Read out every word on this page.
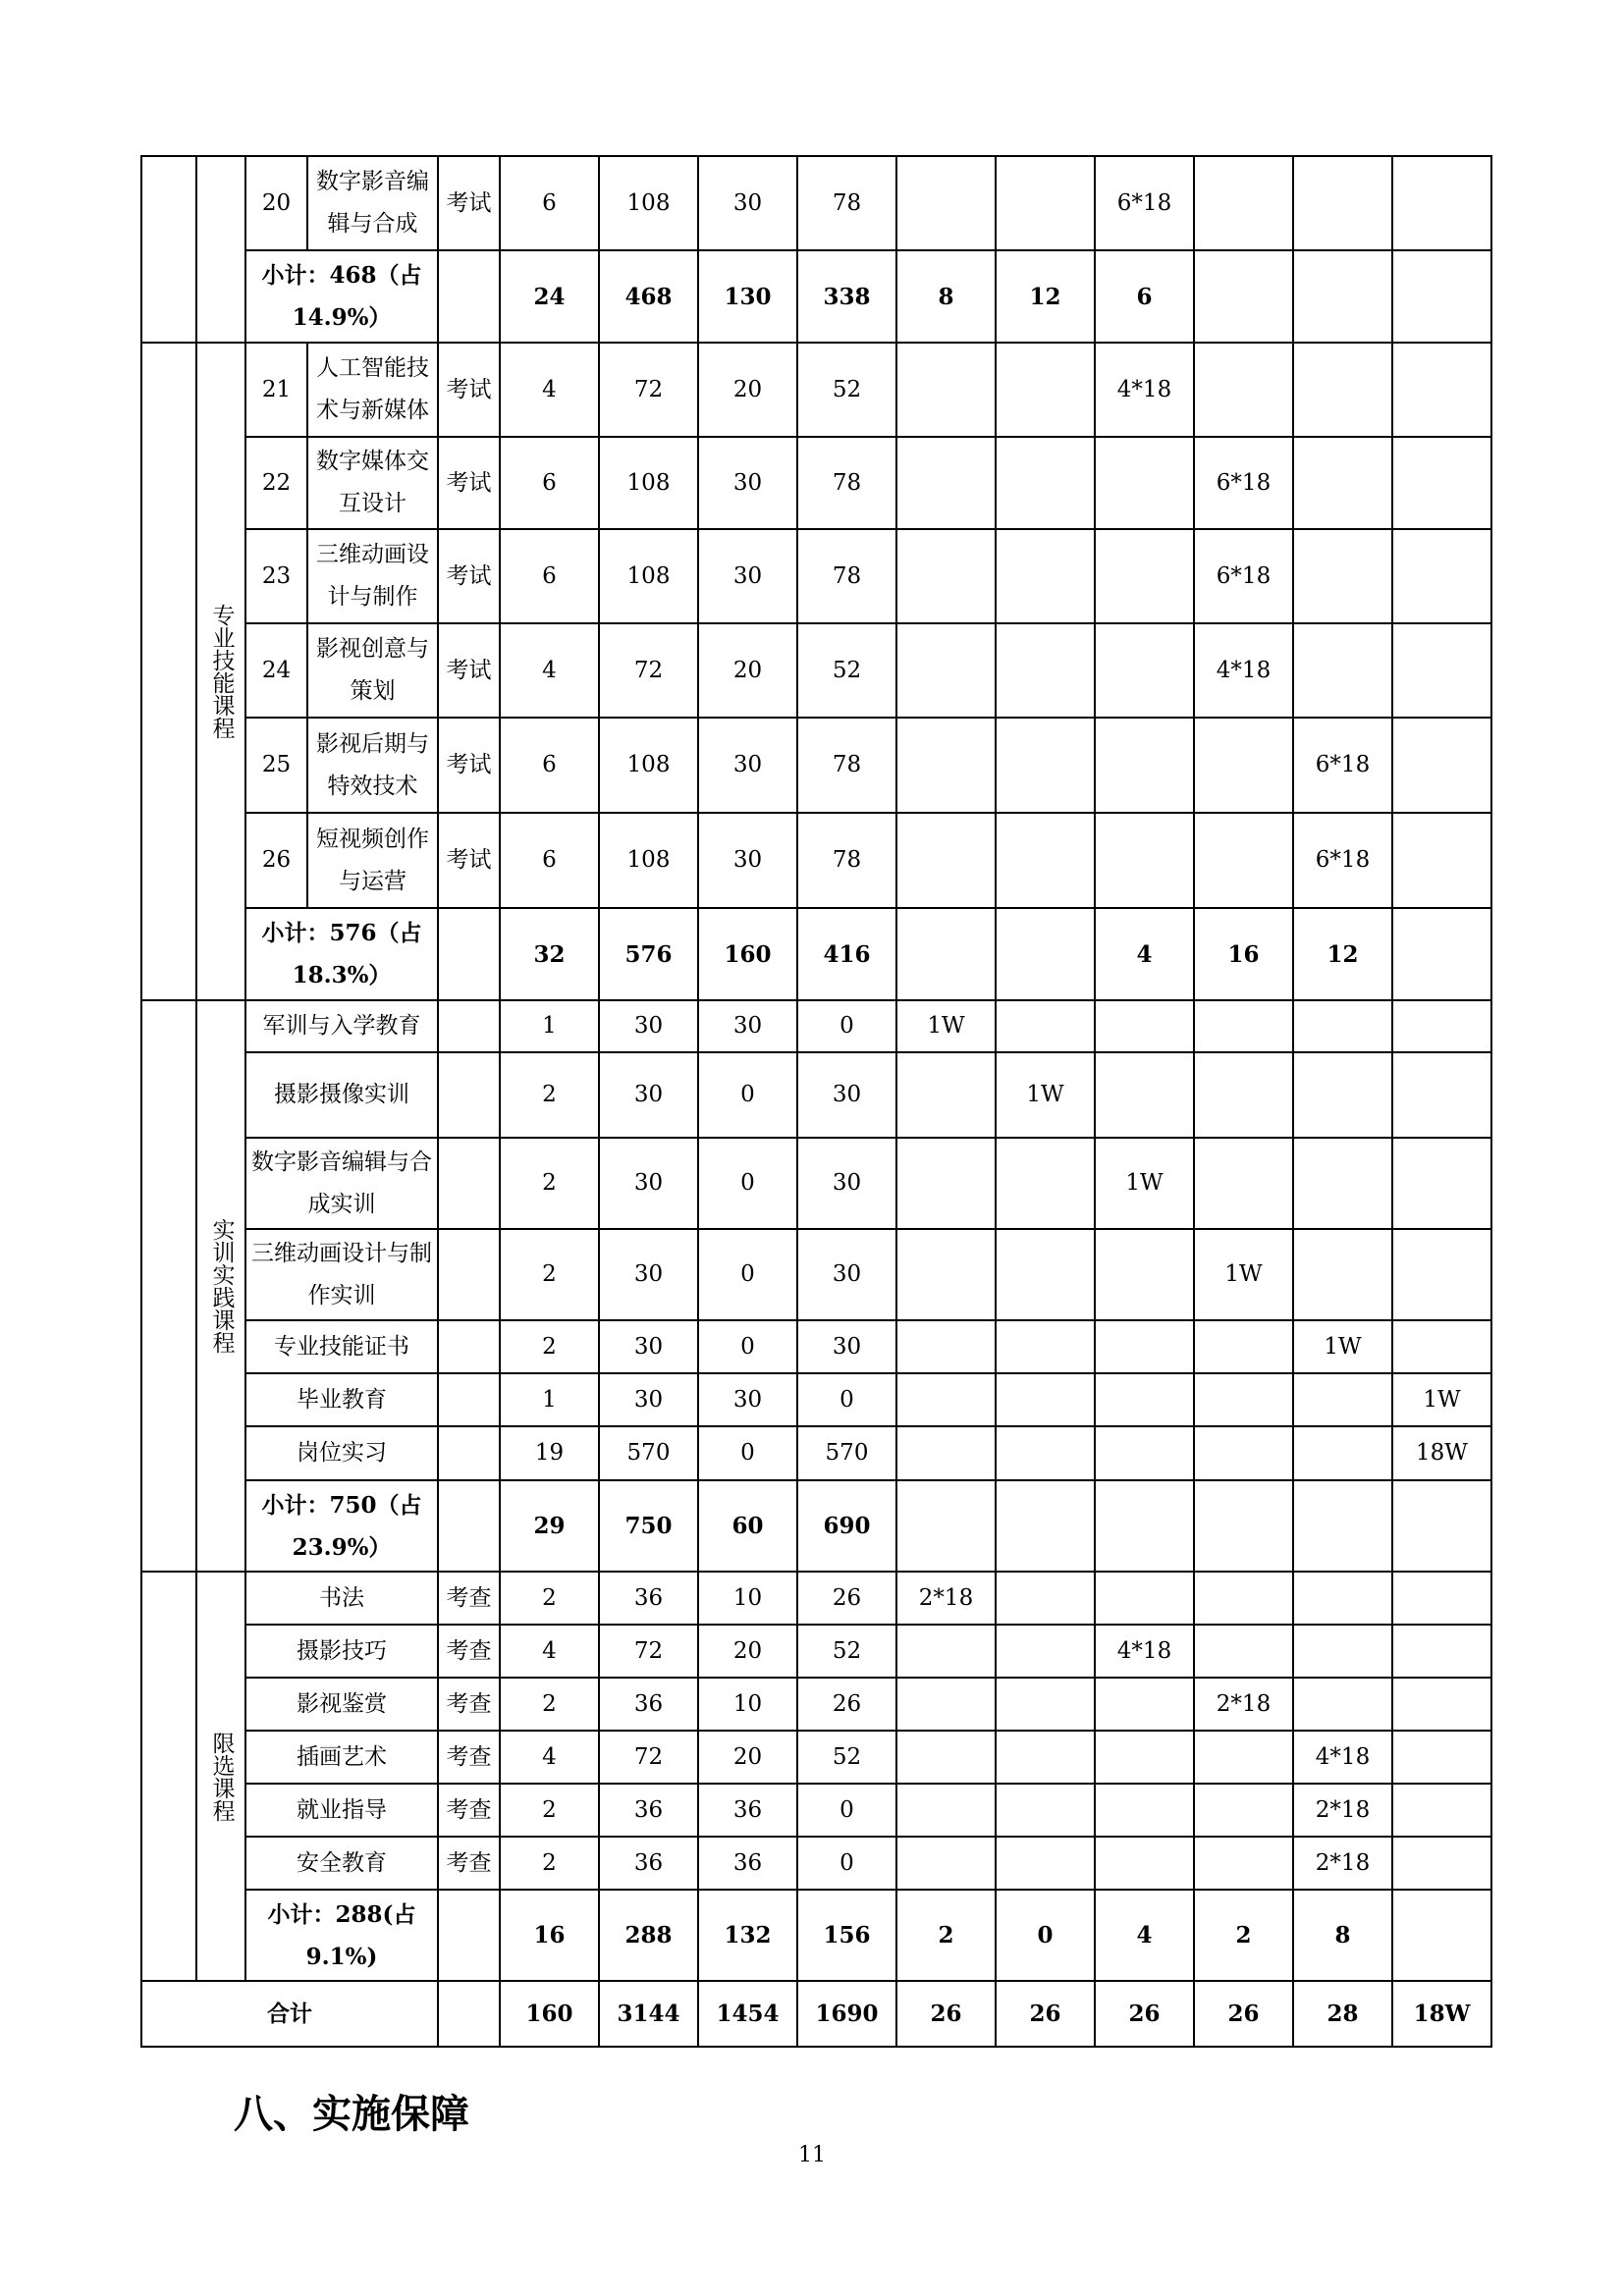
		20	数字影音编辑与合成	考试	6	108	30	78			6*18			
		小计：468（占14.9%）			24	468	130	338	8	12	6			
	专业技能课程	21	人工智能技术与新媒体	考试	4	72	20	52			4*18			
		22	数字媒体交互设计	考试	6	108	30	78				6*18		
		23	三维动画设计与制作	考试	6	108	30	78				6*18		
		24	影视创意与策划	考试	4	72	20	52				4*18		
		25	影视后期与特效技术	考试	6	108	30	78					6*18	
		26	短视频创作与运营	考试	6	108	30	78					6*18	
		小计：576（占18.3%）			32	576	160	416			4	16	12	
	实训实践课程	军训与入学教育			1	30	30	0	1W					
		摄影摄像实训			2	30	0	30		1W				
		数字影音编辑与合成实训			2	30	0	30			1W			
		三维动画设计与制作实训			2	30	0	30				1W		
		专业技能证书			2	30	0	30					1W	
		毕业教育			1	30	30	0						1W
		岗位实习			19	570	0	570						18W
		小计：750（占23.9%）			29	750	60	690						
	限选课程	书法		考查	2	36	10	26	2*18					
		摄影技巧		考查	4	72	20	52			4*18			
		影视鉴赏		考查	2	36	10	26				2*18		
		插画艺术		考查	4	72	20	52					4*18	
		就业指导		考查	2	36	36	0					2*18	
		安全教育		考查	2	36	36	0					2*18	
		小计：288(占9.1%)			16	288	132	156	2	0	4	2	8	
合计					160	3144	1454	1690	26	26	26	26	28	18W
八、实施保障

11
